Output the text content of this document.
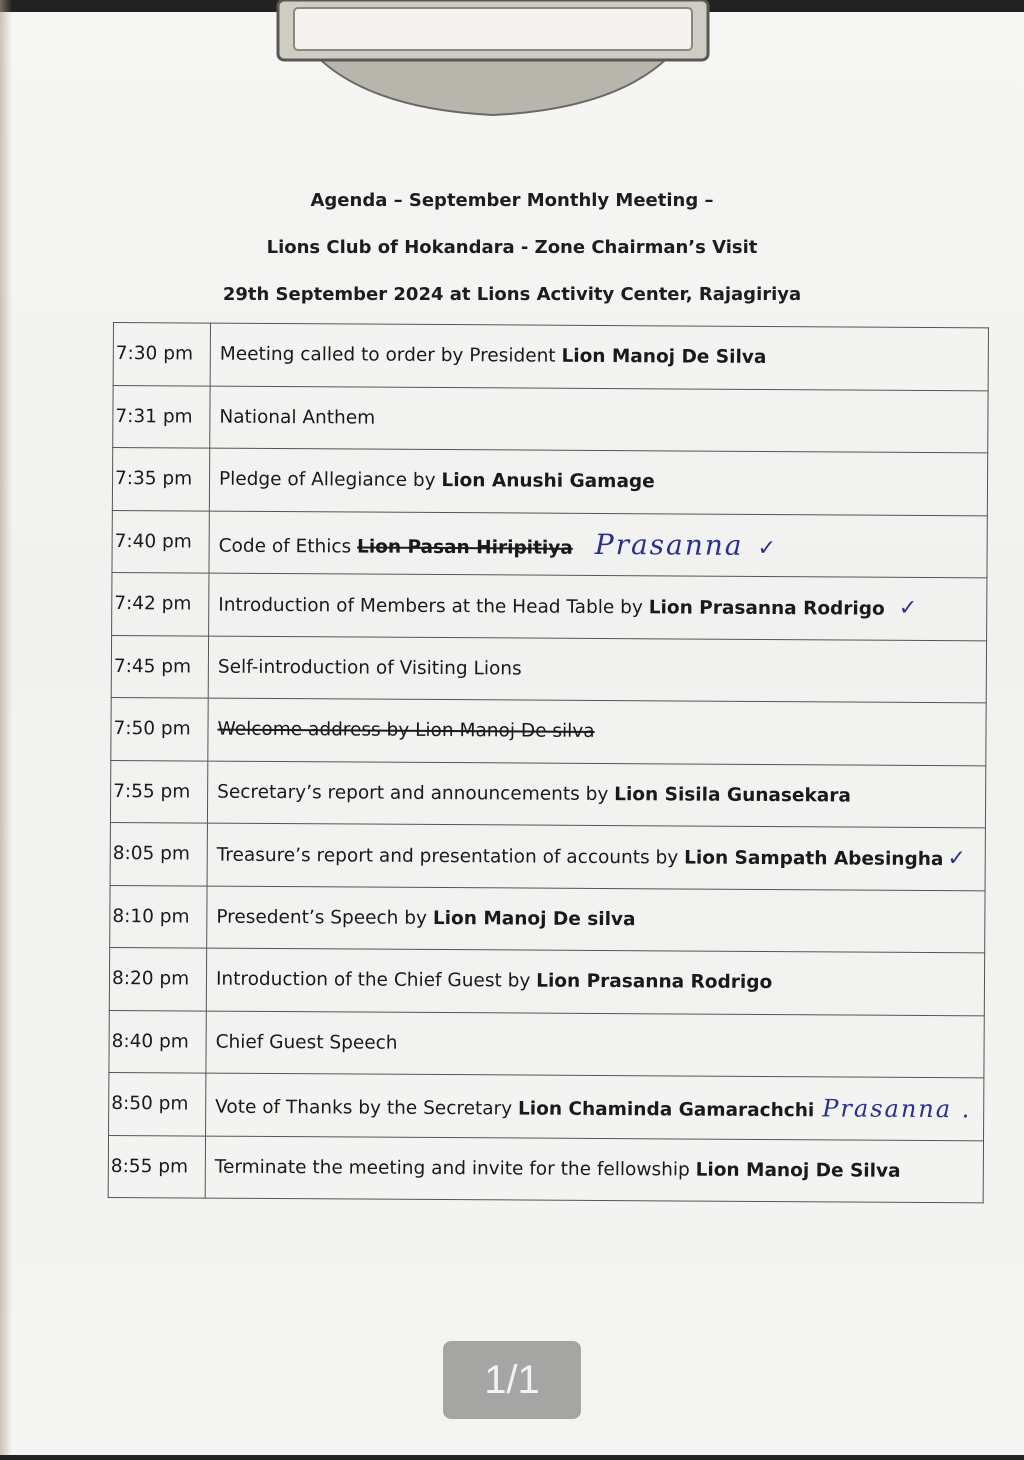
Agenda – September Monthly Meeting –
Lions Club of Hokandara - Zone Chairman’s Visit
29th September 2024 at Lions Activity Center, Rajagiriya
7:30 pm	Meeting called to order by President Lion Manoj De Silva
7:31 pm	National Anthem
7:35 pm	Pledge of Allegiance by Lion Anushi Gamage
7:40 pm	Code of Ethics Lion Pasan Hiripitiya Prasanna ✓
7:42 pm	Introduction of Members at the Head Table by Lion Prasanna Rodrigo ✓
7:45 pm	Self-introduction of Visiting Lions
7:50 pm	Welcome address by Lion Manoj De silva
7:55 pm	Secretary’s report and announcements by Lion Sisila Gunasekara
8:05 pm	Treasure’s report and presentation of accounts by Lion Sampath Abesingha ✓
8:10 pm	Presedent’s Speech by Lion Manoj De silva
8:20 pm	Introduction of the Chief Guest by Lion Prasanna Rodrigo
8:40 pm	Chief Guest Speech
8:50 pm	Vote of Thanks by the Secretary Lion Chaminda Gamarachchi Prasanna .
8:55 pm	Terminate the meeting and invite for the fellowship Lion Manoj De Silva
1/1
